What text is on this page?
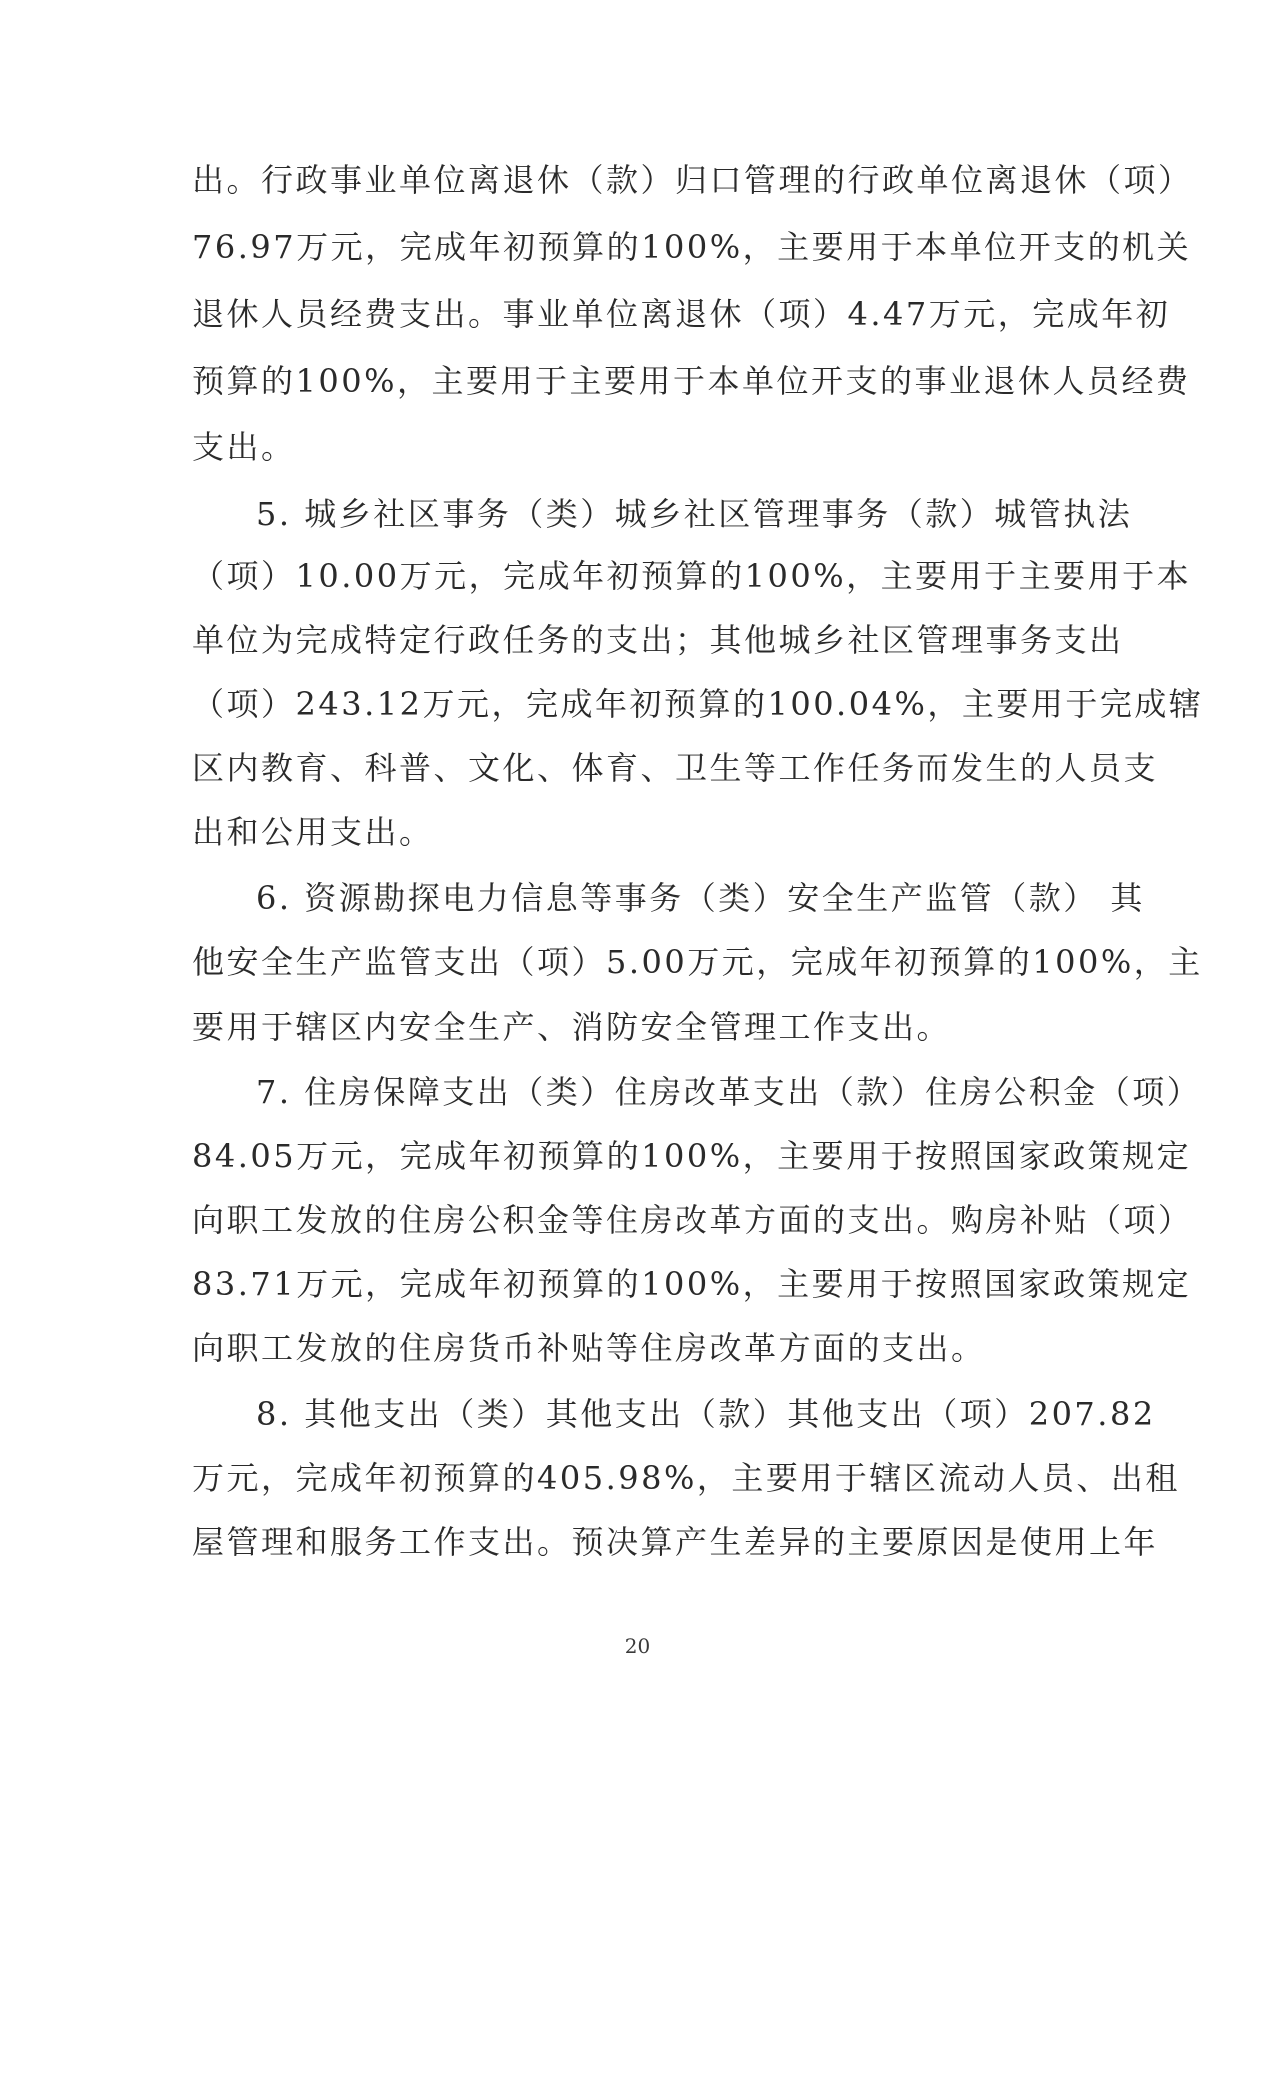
出。行政事业单位离退休（款）归口管理的行政单位离退休（项）
76.97万元，完成年初预算的100%，主要用于本单位开支的机关
退休人员经费支出。事业单位离退休（项）4.47万元，完成年初
预算的100%，主要用于主要用于本单位开支的事业退休人员经费
支出。
5. 城乡社区事务（类）城乡社区管理事务（款）城管执法
（项）10.00万元，完成年初预算的100%，主要用于主要用于本
单位为完成特定行政任务的支出；其他城乡社区管理事务支出
（项）243.12万元，完成年初预算的100.04%，主要用于完成辖
区内教育、科普、文化、体育、卫生等工作任务而发生的人员支
出和公用支出。
6. 资源勘探电力信息等事务（类）安全生产监管（款） 其
他安全生产监管支出（项）5.00万元，完成年初预算的100%，主
要用于辖区内安全生产、消防安全管理工作支出。
7. 住房保障支出（类）住房改革支出（款）住房公积金（项）
84.05万元，完成年初预算的100%，主要用于按照国家政策规定
向职工发放的住房公积金等住房改革方面的支出。购房补贴（项）
83.71万元，完成年初预算的100%，主要用于按照国家政策规定
向职工发放的住房货币补贴等住房改革方面的支出。
8. 其他支出（类）其他支出（款）其他支出（项）207.82
万元，完成年初预算的405.98%，主要用于辖区流动人员、出租
屋管理和服务工作支出。预决算产生差异的主要原因是使用上年
20
